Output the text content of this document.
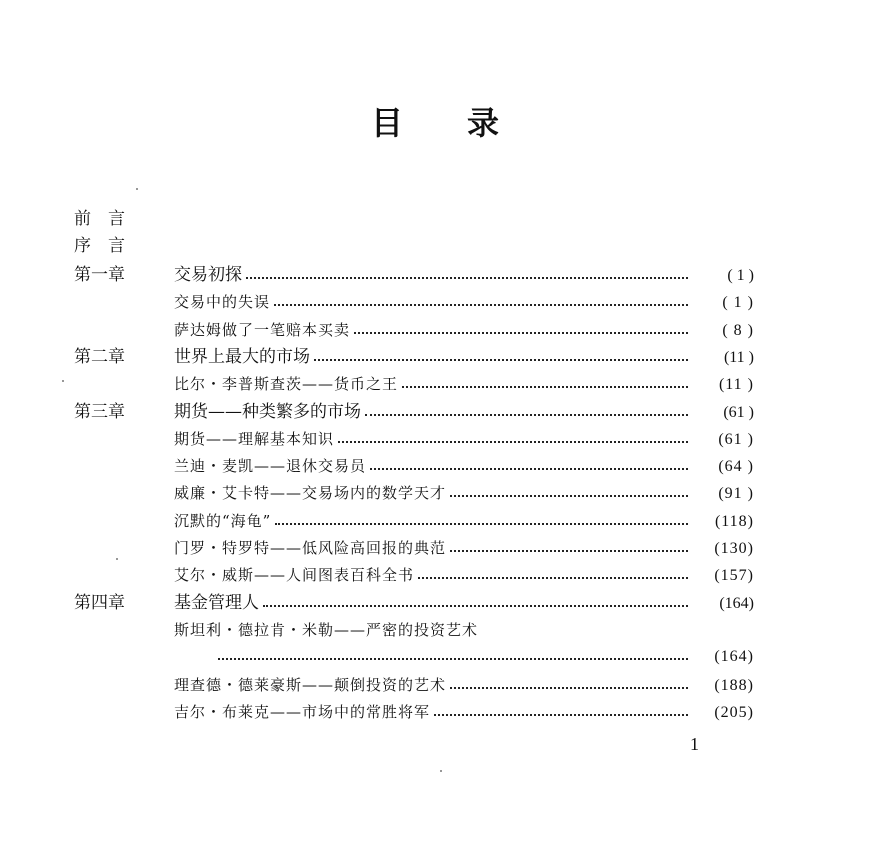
目 录
前　言
序　言
第一章	交易初探	( 1 )
交易中的失误	( 1 )
萨达姆做了一笔赔本买卖	( 8 )
第二章	世界上最大的市场	(11 )
比尔・李普斯查茨——货币之王	(11 )
第三章	期货——种类繁多的市场	(61 )
期货——理解基本知识	(61 )
兰迪・麦凯——退休交易员	(64 )
威廉・艾卡特——交易场内的数学天才	(91 )
沉默的“海龟”	(118)
门罗・特罗特——低风险高回报的典范	(130)
艾尔・威斯——人间图表百科全书	(157)
第四章	基金管理人	(164)
斯坦利・德拉肯・米勒——严密的投资艺术
(164)
理查德・德莱豪斯——颠倒投资的艺术	(188)
吉尔・布莱克——市场中的常胜将军	(205)
1
